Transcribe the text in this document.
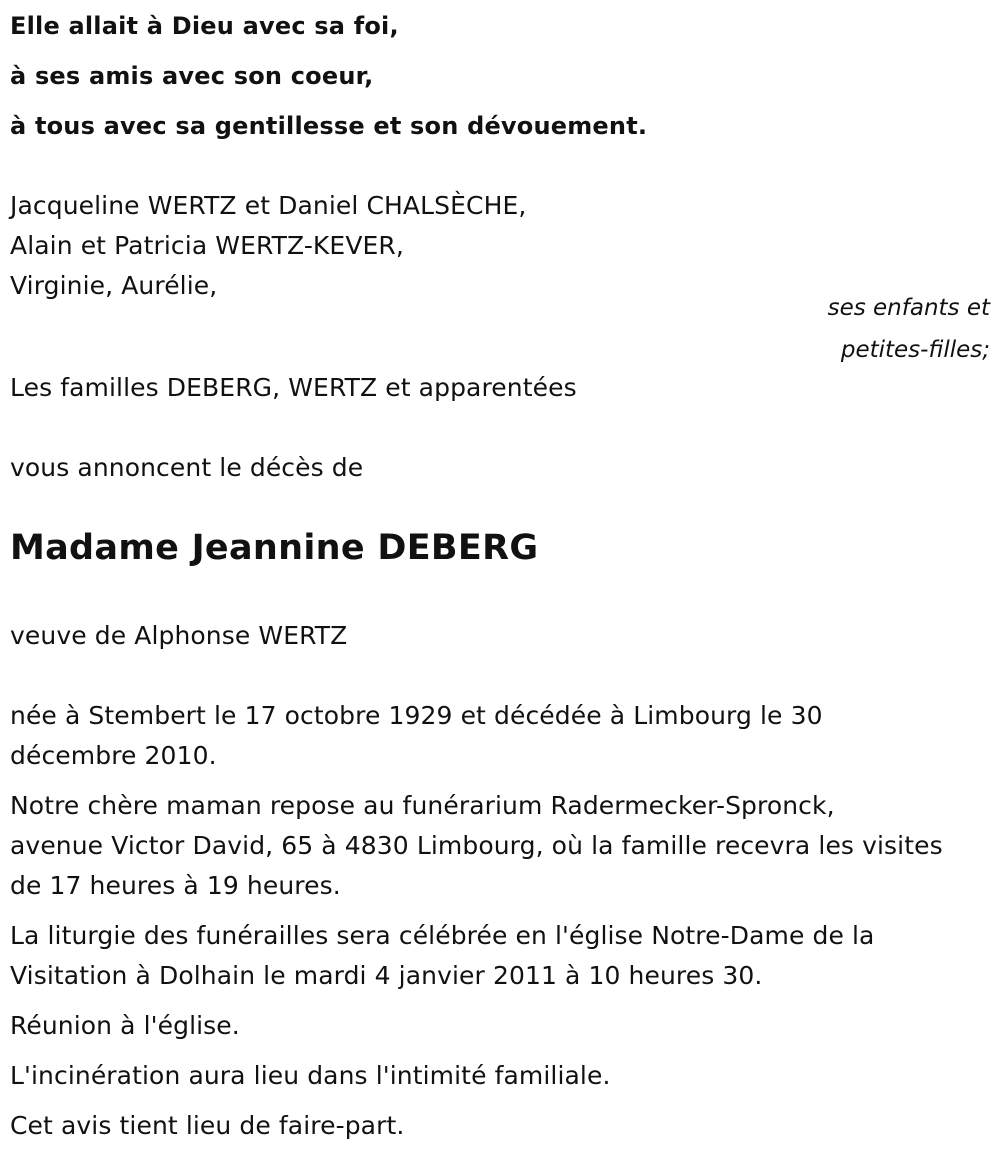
Elle allait à Dieu avec sa foi,
à ses amis avec son coeur,
à tous avec sa gentillesse et son dévouement.
Jacqueline WERTZ et Daniel CHALSÈCHE,
Alain et Patricia WERTZ-KEVER,
Virginie, Aurélie,
ses enfants et
petites-filles;
Les familles DEBERG, WERTZ et apparentées
vous annoncent le décès de
Madame Jeannine DEBERG
veuve de Alphonse WERTZ
née à Stembert le 17 octobre 1929 et décédée à Limbourg le 30
décembre 2010.
Notre chère maman repose au funérarium Radermecker-Spronck,
avenue Victor David, 65 à 4830 Limbourg, où la famille recevra les visites
de 17 heures à 19 heures.
La liturgie des funérailles sera célébrée en l'église Notre-Dame de la
Visitation à Dolhain le mardi 4 janvier 2011 à 10 heures 30.
Réunion à l'église.
L'incinération aura lieu dans l'intimité familiale.
Cet avis tient lieu de faire-part.
